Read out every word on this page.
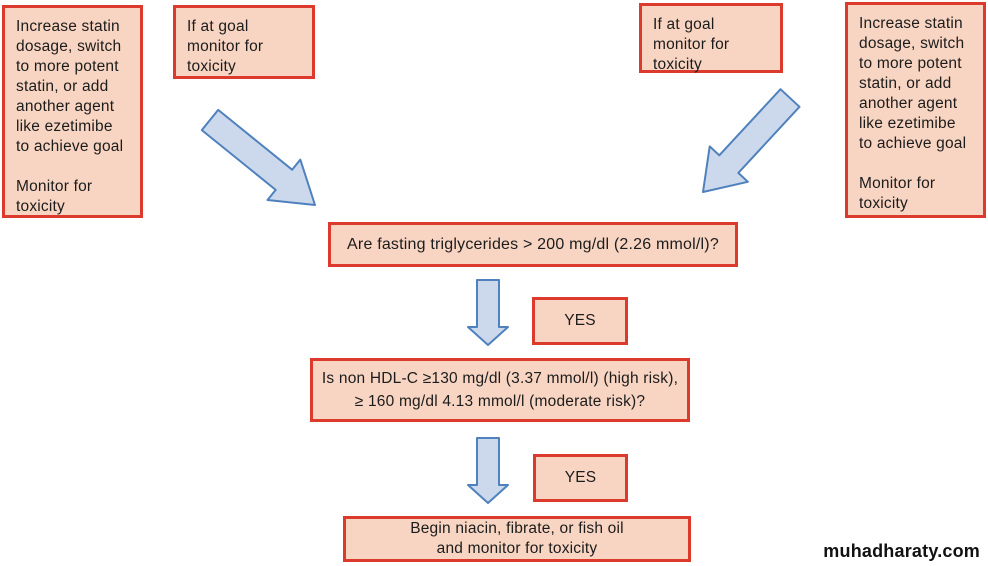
Increase statin dosage, switch to more potent statin, or add another agent like ezetimibe to achieve goal
Monitor for toxicity
If at goal monitor for toxicity
If at goal monitor for toxicity
Increase statin dosage, switch to more potent statin, or add another agent like ezetimibe to achieve goal
Monitor for toxicity
Are fasting triglycerides > 200 mg/dl (2.26 mmol/l)?
YES
Is non HDL-C ≥130 mg/dl (3.37 mmol/l) (high risk),
≥ 160 mg/dl 4.13 mmol/l (moderate risk)?
YES
Begin niacin, fibrate, or fish oil
and monitor for toxicity	muhadharaty.com
